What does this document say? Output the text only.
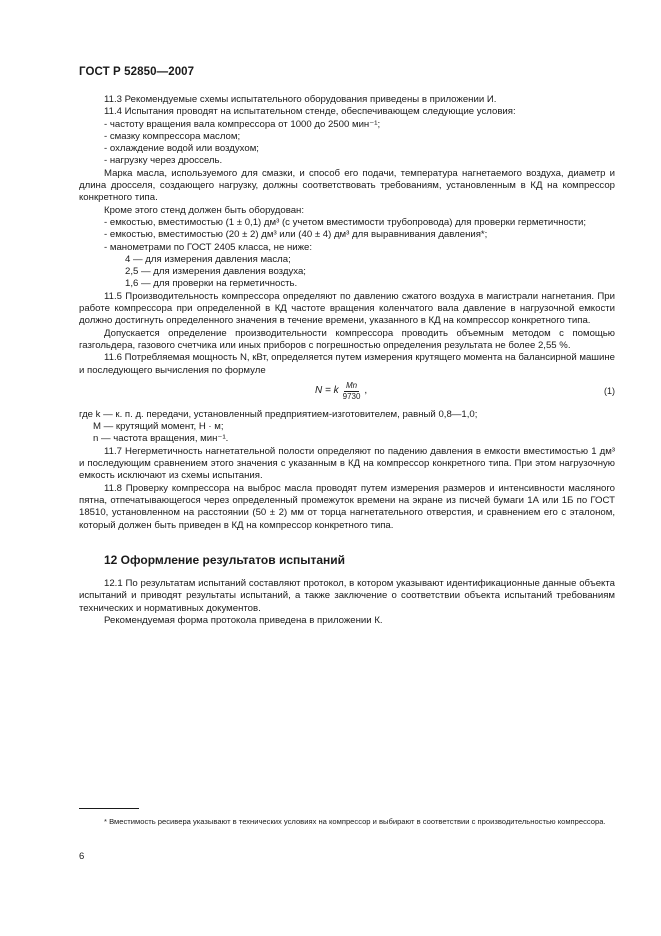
ГОСТ Р 52850—2007

11.3 Рекомендуемые схемы испытательного оборудования приведены в приложении И.

11.4 Испытания проводят на испытательном стенде, обеспечивающем следующие условия:

- частоту вращения вала компрессора от 1000 до 2500 мин⁻¹;

- смазку компрессора маслом;

- охлаждение водой или воздухом;

- нагрузку через дроссель.

Марка масла, используемого для смазки, и способ его подачи, температура нагнетаемого воздуха, диаметр и длина дросселя, создающего нагрузку, должны соответствовать требованиям, установленным в КД на компрессор конкретного типа.

Кроме этого стенд должен быть оборудован:

- емкостью, вместимостью (1 ± 0,1) дм³ (с учетом вместимости трубопровода) для проверки герметичности;

- емкостью, вместимостью (20 ± 2) дм³ или (40 ± 4) дм³ для выравнивания давления*;

- манометрами по ГОСТ 2405 класса, не ниже:

4 — для измерения давления масла;

2,5 — для измерения давления воздуха;

1,6 — для проверки на герметичность.

11.5 Производительность компрессора определяют по давлению сжатого воздуха в магистрали нагнетания. При работе компрессора при определенной в КД частоте вращения коленчатого вала давление в нагрузочной емкости должно достигнуть определенного значения в течение времени, указанного в КД на компрессор конкретного типа.

Допускается определение производительности компрессора проводить объемным методом с помощью газгольдера, газового счетчика или иных приборов с погрешностью определения результата не более 2,55 %.

11.6 Потребляемая мощность N, кВт, определяется путем измерения крутящего момента на балансирной машине и последующего вычисления по формуле

N = k $\frac{Mn}{9730}$ ,	(1)

где k — к. п. д. передачи, установленный предприятием-изготовителем, равный 0,8—1,0;

M — крутящий момент, Н · м;

n — частота вращения, мин⁻¹.

11.7 Негерметичность нагнетательной полости определяют по падению давления в емкости вместимостью 1 дм³ и последующим сравнением этого значения с указанным в КД на компрессор конкретного типа. При этом нагрузочную емкость исключают из схемы испытания.

11.8 Проверку компрессора на выброс масла проводят путем измерения размеров и интенсивности масляного пятна, отпечатывающегося через определенный промежуток времени на экране из писчей бумаги 1А или 1Б по ГОСТ 18510, установленном на расстоянии (50 ± 2) мм от торца нагнетательного отверстия, и сравнением его с эталоном, который должен быть приведен в КД на компрессор конкретного типа.

12 Оформление результатов испытаний

12.1 По результатам испытаний составляют протокол, в котором указывают идентификационные данные объекта испытаний и приводят результаты испытаний, а также заключение о соответствии объекта испытаний требованиям технических и нормативных документов.

Рекомендуемая форма протокола приведена в приложении К.

* Вместимость ресивера указывают в технических условиях на компрессор и выбирают в соответствии с производительностью компрессора.
6
